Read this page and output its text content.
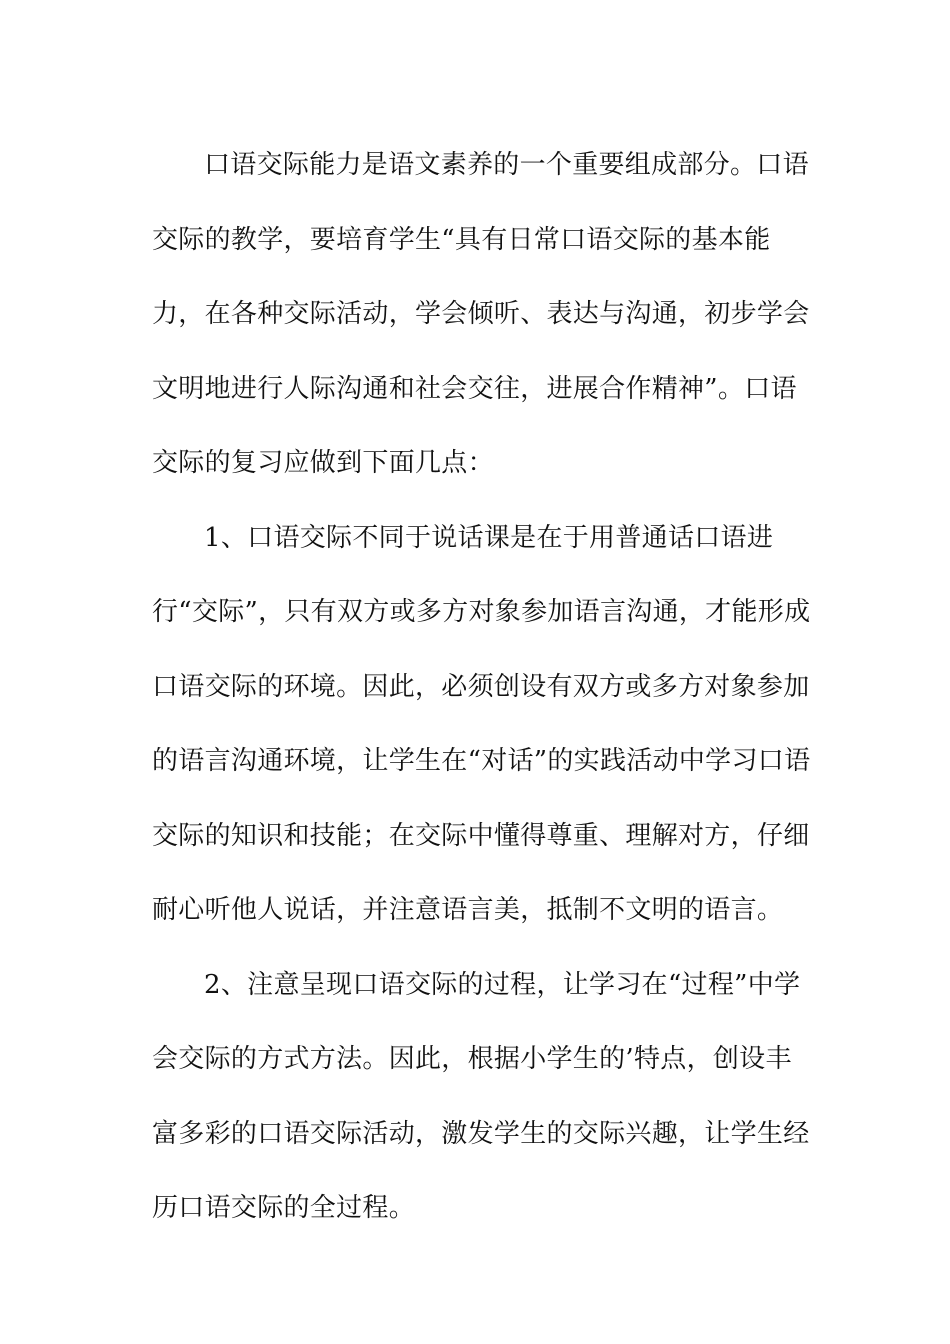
口语交际能力是语文素养的一个重要组成部分。口语交际的教学，要培育学生“具有日常口语交际的基本能力，在各种交际活动，学会倾听、表达与沟通，初步学会文明地进行人际沟通和社会交往，进展合作精神”。口语交际的复习应做到下面几点：

1、口语交际不同于说话课是在于用普通话口语进行“交际”，只有双方或多方对象参加语言沟通，才能形成口语交际的环境。因此，必须创设有双方或多方对象参加的语言沟通环境，让学生在“对话”的实践活动中学习口语交际的知识和技能；在交际中懂得尊重、理解对方，仔细耐心听他人说话，并注意语言美，抵制不文明的语言。

2、注意呈现口语交际的过程，让学习在“过程”中学会交际的方式方法。因此，根据小学生的’特点，创设丰富多彩的口语交际活动，激发学生的交际兴趣，让学生经历口语交际的全过程。
